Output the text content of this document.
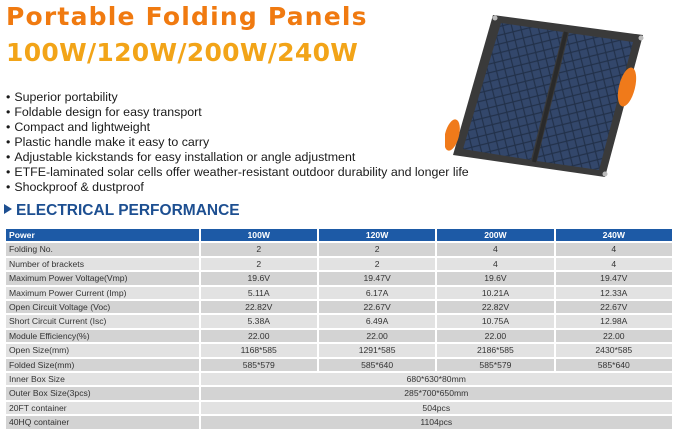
Portable Folding Panels
100W/120W/200W/240W
• Superior portability
• Foldable design for easy transport
• Compact and lightweight
• Plastic handle make it easy to carry
• Adjustable kickstands for easy installation or angle adjustment
• ETFE-laminated solar cells offer weather-resistant outdoor durability and longer life
• Shockproof & dustproof
ELECTRICAL PERFORMANCE
Power	100W	120W	200W	240W
Folding No.	2	2	4	4
Number of brackets	2	2	4	4
Maximum Power Voltage(Vmp)	19.6V	19.47V	19.6V	19.47V
Maximum Power Current (Imp)	5.11A	6.17A	10.21A	12.33A
Open Circuit Voltage (Voc)	22.82V	22.67V	22.82V	22.67V
Short Circuit Current (Isc)	5.38A	6.49A	10.75A	12.98A
Module Efficiency(%)	22.00	22.00	22.00	22.00
Open Size(mm)	1168*585	1291*585	2186*585	2430*585
Folded Size(mm)	585*579	585*640	585*579	585*640
Inner Box Size	680*630*80mm			
Outer Box Size(3pcs)	285*700*650mm			
20FT container	504pcs			
40HQ container	1104pcs			
